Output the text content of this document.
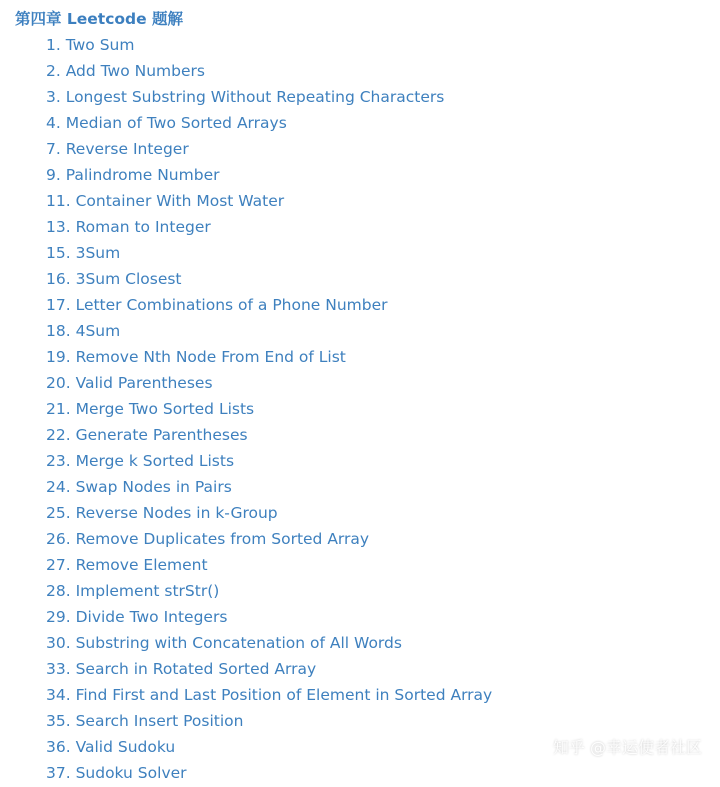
第四章 Leetcode 题解
1. Two Sum
2. Add Two Numbers
3. Longest Substring Without Repeating Characters
4. Median of Two Sorted Arrays
7. Reverse Integer
9. Palindrome Number
11. Container With Most Water
13. Roman to Integer
15. 3Sum
16. 3Sum Closest
17. Letter Combinations of a Phone Number
18. 4Sum
19. Remove Nth Node From End of List
20. Valid Parentheses
21. Merge Two Sorted Lists
22. Generate Parentheses
23. Merge k Sorted Lists
24. Swap Nodes in Pairs
25. Reverse Nodes in k-Group
26. Remove Duplicates from Sorted Array
27. Remove Element
28. Implement strStr()
29. Divide Two Integers
30. Substring with Concatenation of All Words
33. Search in Rotated Sorted Array
34. Find First and Last Position of Element in Sorted Array
35. Search Insert Position
36. Valid Sudoku
37. Sudoku Solver
知乎 @幸运使者社区
